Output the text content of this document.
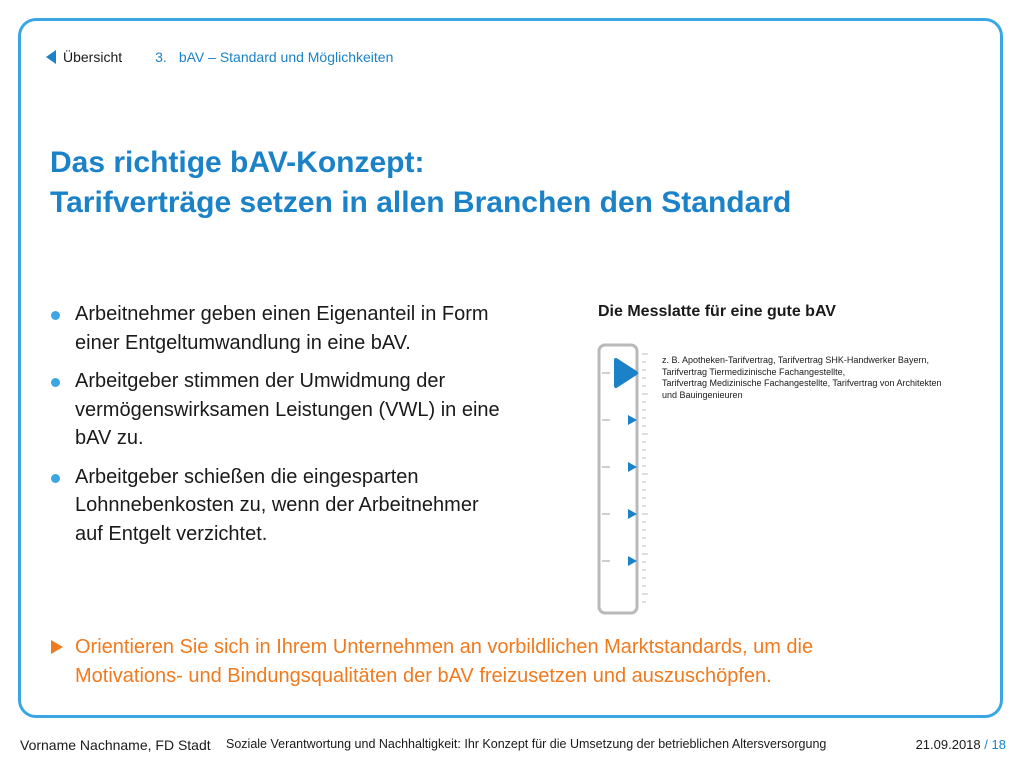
Übersicht 3. bAV – Standard und Möglichkeiten
Das richtige bAV-Konzept:
Tarifverträge setzen in allen Branchen den Standard
Arbeitnehmer geben einen Eigenanteil in Form einer Entgeltumwandlung in eine bAV.
Arbeitgeber stimmen der Umwidmung der vermögenswirksamen Leistungen (VWL) in eine bAV zu.
Arbeitgeber schießen die eingesparten Lohnnebenkosten zu, wenn der Arbeitnehmer auf Entgelt verzichtet.
Die Messlatte für eine gute bAV
z. B. Apotheken-Tarifvertrag, Tarifvertrag SHK-Handwerker Bayern,
Tarifvertrag Tiermedizinische Fachangestellte,
Tarifvertrag Medizinische Fachangestellte, Tarifvertrag von Architekten
und Bauingenieuren
Orientieren Sie sich in Ihrem Unternehmen an vorbildlichen Marktstandards, um die
Motivations- und Bindungsqualitäten der bAV freizusetzen und auszuschöpfen.
Vorname Nachname, FD Stadt Soziale Verantwortung und Nachhaltigkeit: Ihr Konzept für die Umsetzung der betrieblichen Altersversorgung	21.09.2018 / 18
